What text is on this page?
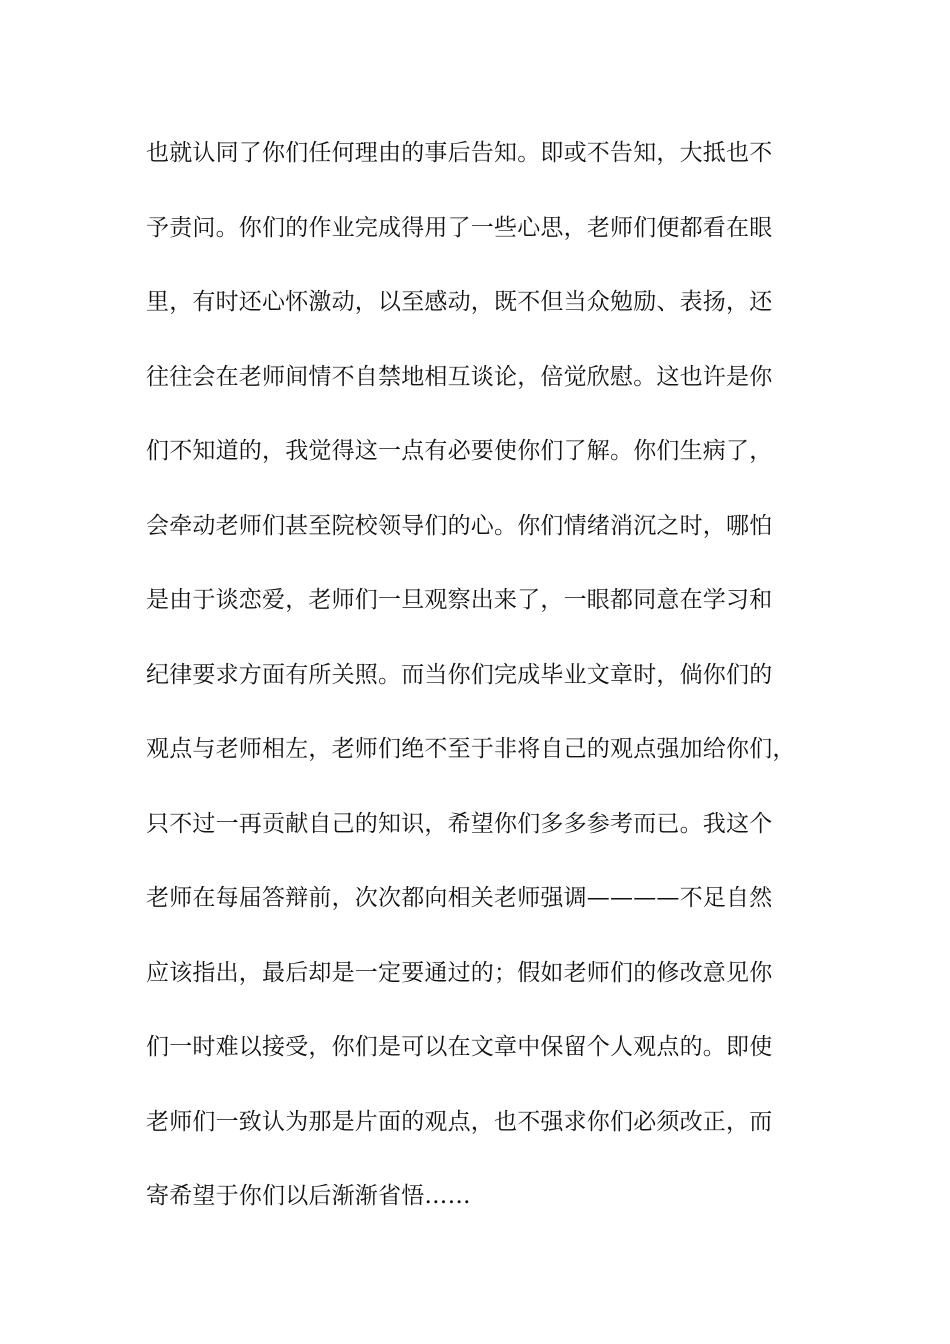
也就认同了你们任何理由的事后告知。即或不告知，大抵也不
予责问。你们的作业完成得用了一些心思，老师们便都看在眼
里，有时还心怀激动，以至感动，既不但当众勉励、表扬，还
往往会在老师间情不自禁地相互谈论，倍觉欣慰。这也许是你
们不知道的，我觉得这一点有必要使你们了解。你们生病了，
会牵动老师们甚至院校领导们的心。你们情绪消沉之时，哪怕
是由于谈恋爱，老师们一旦观察出来了，一眼都同意在学习和
纪律要求方面有所关照。而当你们完成毕业文章时，倘你们的
观点与老师相左，老师们绝不至于非将自己的观点强加给你们，
只不过一再贡献自己的知识，希望你们多多参考而已。我这个
老师在每届答辩前，次次都向相关老师强调————不足自然
应该指出，最后却是一定要通过的；假如老师们的修改意见你
们一时难以接受，你们是可以在文章中保留个人观点的。即使
老师们一致认为那是片面的观点，也不强求你们必须改正，而
寄希望于你们以后渐渐省悟……
